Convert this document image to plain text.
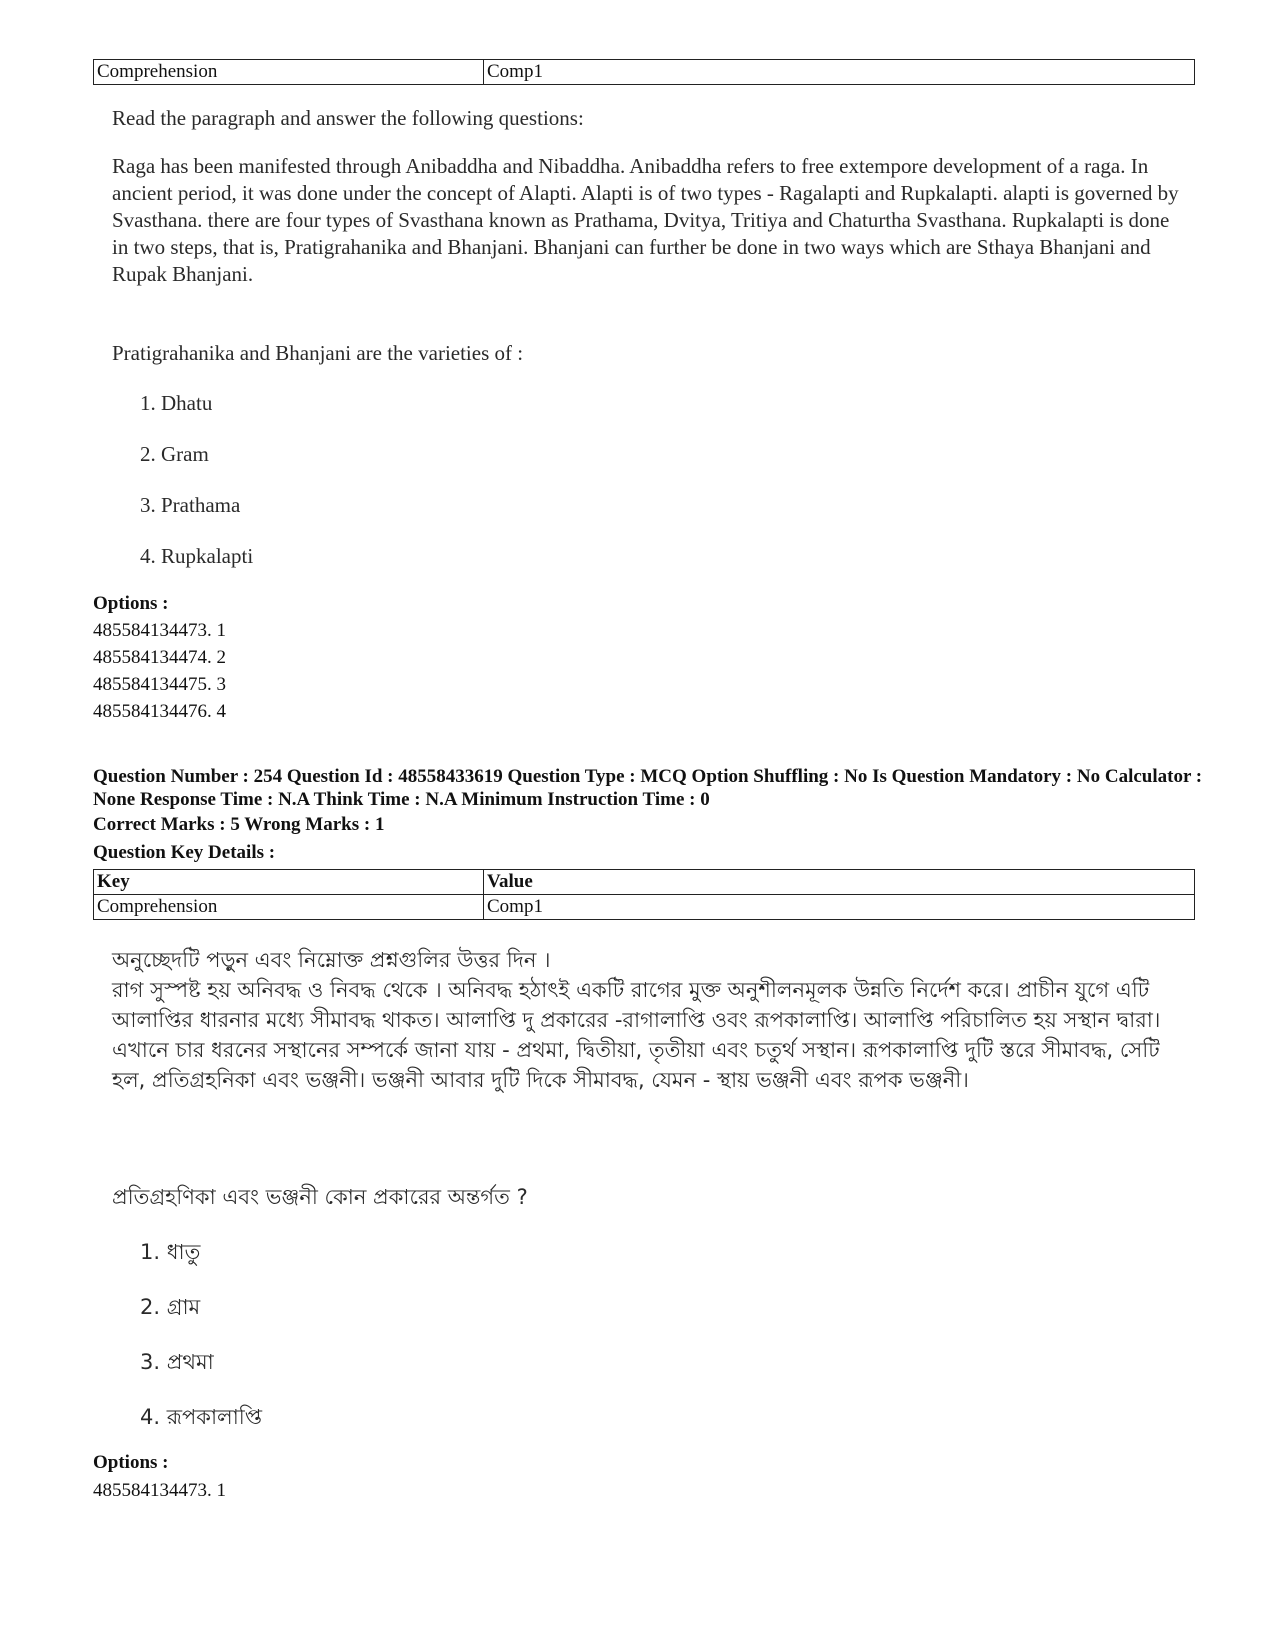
Comprehension	Comp1

Read the paragraph and answer the following questions:

Raga has been manifested through Anibaddha and Nibaddha. Anibaddha refers to free extempore development of a raga. In ancient period, it was done under the concept of Alapti. Alapti is of two types - Ragalapti and Rupkalapti. alapti is governed by Svasthana. there are four types of Svasthana known as Prathama, Dvitya, Tritiya and Chaturtha Svasthana. Rupkalapti is done in two steps, that is, Pratigrahanika and Bhanjani. Bhanjani can further be done in two ways which are Sthaya Bhanjani and Rupak Bhanjani.

Pratigrahanika and Bhanjani are the varieties of :
1. Dhatu
2. Gram
3. Prathama
4. Rupkalapti
Options :
485584134473. 1
485584134474. 2
485584134475. 3
485584134476. 4
Question Number : 254 Question Id : 48558433619 Question Type : MCQ Option Shuffling : No Is Question Mandatory : No Calculator : None Response Time : N.A Think Time : N.A Minimum Instruction Time : 0
Correct Marks : 5 Wrong Marks : 1
Question Key Details :
Key	Value
Comprehension	Comp1

অনুচ্ছেদটি পড়ুন এবং নিম্নোক্ত প্রশ্নগুলির উত্তর দিন ।

রাগ সুস্পষ্ট হয় অনিবদ্ধ ও নিবদ্ধ থেকে । অনিবদ্ধ হঠাৎই একটি রাগের মুক্ত অনুশীলনমূলক উন্নতি নির্দেশ করে। প্রাচীন যুগে এটি আলাপ্তির ধারনার মধ্যে সীমাবদ্ধ থাকত। আলাপ্তি দু প্রকারের -রাগালাপ্তি ওবং রূপকালাপ্তি। আলাপ্তি পরিচালিত হয় সস্থান দ্বারা। এখানে চার ধরনের সস্থানের সম্পর্কে জানা যায় - প্রথমা, দ্বিতীয়া, তৃতীয়া এবং চতুর্থ সস্থান। রূপকালাপ্তি দুটি স্তরে সীমাবদ্ধ, সেটি হল, প্রতিগ্রহনিকা এবং ভঞ্জনী। ভঞ্জনী আবার দুটি দিকে সীমাবদ্ধ, যেমন - স্থায় ভঞ্জনী এবং রূপক ভঞ্জনী।

প্রতিগ্রহণিকা এবং ভঞ্জনী কোন প্রকারের অন্তর্গত ?
1. ধাতু
2. গ্রাম
3. প্রথমা
4. রূপকালাপ্তি
Options :
485584134473. 1
